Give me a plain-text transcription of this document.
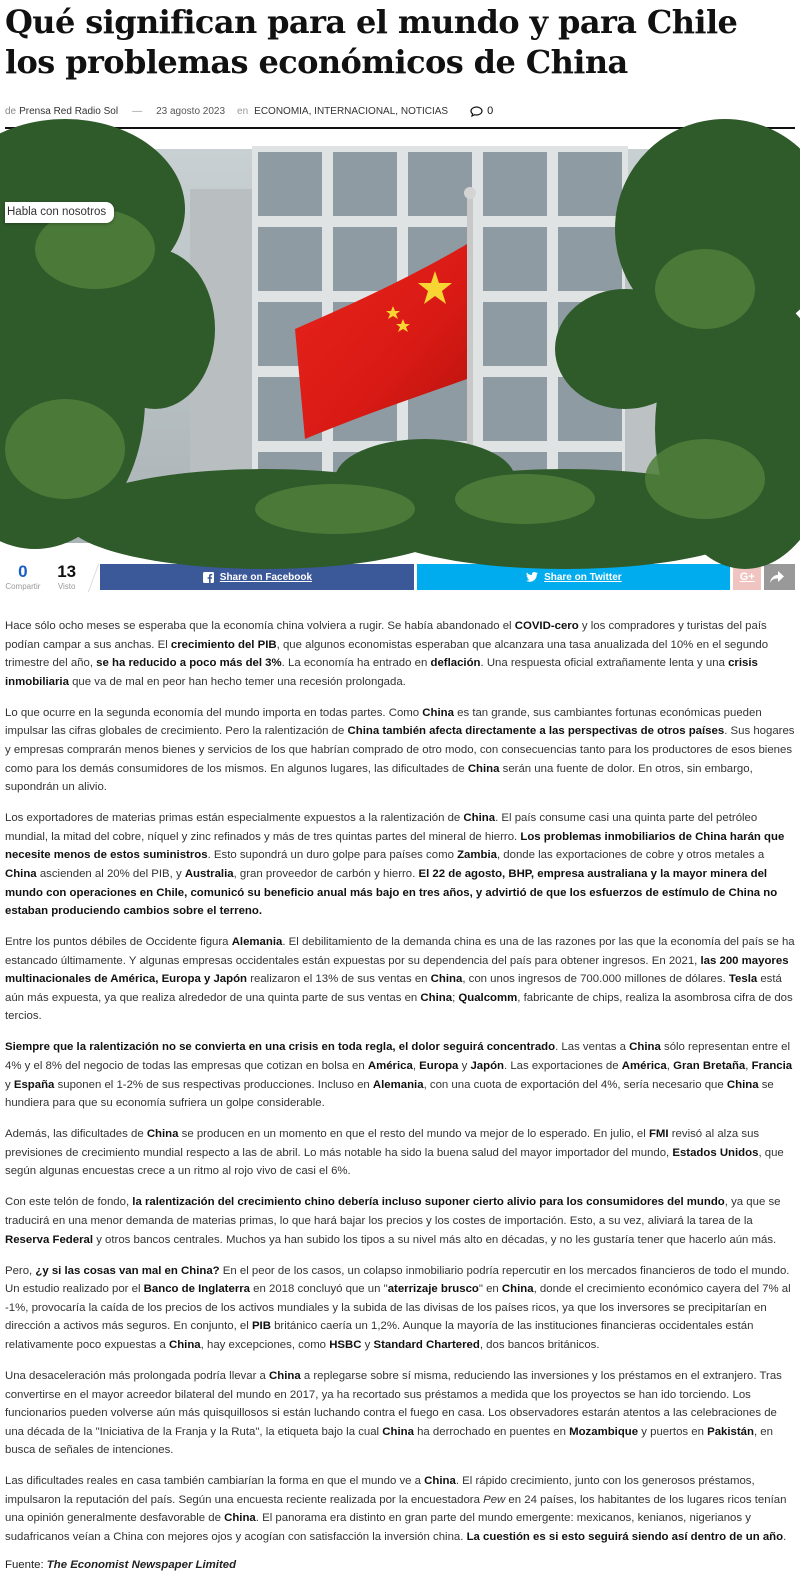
Qué significan para el mundo y para Chile los problemas económicos de China
de Prensa Red Radio Sol — 23 agosto 2023 en ECONOMIA, INTERNACIONAL, NOTICIAS	0
Habla con nosotros
0
Compartir
13
Visto
Share on Facebook	Share on Twitter	G+

Hace sólo ocho meses se esperaba que la economía china volviera a rugir. Se había abandonado el COVID-cero y los compradores y turistas del país podían campar a sus anchas. El crecimiento del PIB, que algunos economistas esperaban que alcanzara una tasa anualizada del 10% en el segundo trimestre del año, se ha reducido a poco más del 3%. La economía ha entrado en deflación. Una respuesta oficial extrañamente lenta y una crisis inmobiliaria que va de mal en peor han hecho temer una recesión prolongada.

Lo que ocurre en la segunda economía del mundo importa en todas partes. Como China es tan grande, sus cambiantes fortunas económicas pueden impulsar las cifras globales de crecimiento. Pero la ralentización de China también afecta directamente a las perspectivas de otros países. Sus hogares y empresas comprarán menos bienes y servicios de los que habrían comprado de otro modo, con consecuencias tanto para los productores de esos bienes como para los demás consumidores de los mismos. En algunos lugares, las dificultades de China serán una fuente de dolor. En otros, sin embargo, supondrán un alivio.

Los exportadores de materias primas están especialmente expuestos a la ralentización de China. El país consume casi una quinta parte del petróleo mundial, la mitad del cobre, níquel y zinc refinados y más de tres quintas partes del mineral de hierro. Los problemas inmobiliarios de China harán que necesite menos de estos suministros. Esto supondrá un duro golpe para países como Zambia, donde las exportaciones de cobre y otros metales a China ascienden al 20% del PIB, y Australia, gran proveedor de carbón y hierro. El 22 de agosto, BHP, empresa australiana y la mayor minera del mundo con operaciones en Chile, comunicó su beneficio anual más bajo en tres años, y advirtió de que los esfuerzos de estímulo de China no estaban produciendo cambios sobre el terreno.

Entre los puntos débiles de Occidente figura Alemania. El debilitamiento de la demanda china es una de las razones por las que la economía del país se ha estancado últimamente. Y algunas empresas occidentales están expuestas por su dependencia del país para obtener ingresos. En 2021, las 200 mayores multinacionales de América, Europa y Japón realizaron el 13% de sus ventas en China, con unos ingresos de 700.000 millones de dólares. Tesla está aún más expuesta, ya que realiza alrededor de una quinta parte de sus ventas en China; Qualcomm, fabricante de chips, realiza la asombrosa cifra de dos tercios.

Siempre que la ralentización no se convierta en una crisis en toda regla, el dolor seguirá concentrado. Las ventas a China sólo representan entre el 4% y el 8% del negocio de todas las empresas que cotizan en bolsa en América, Europa y Japón. Las exportaciones de América, Gran Bretaña, Francia y España suponen el 1-2% de sus respectivas producciones. Incluso en Alemania, con una cuota de exportación del 4%, sería necesario que China se hundiera para que su economía sufriera un golpe considerable.

Además, las dificultades de China se producen en un momento en que el resto del mundo va mejor de lo esperado. En julio, el FMI revisó al alza sus previsiones de crecimiento mundial respecto a las de abril. Lo más notable ha sido la buena salud del mayor importador del mundo, Estados Unidos, que según algunas encuestas crece a un ritmo al rojo vivo de casi el 6%.

Con este telón de fondo, la ralentización del crecimiento chino debería incluso suponer cierto alivio para los consumidores del mundo, ya que se traducirá en una menor demanda de materias primas, lo que hará bajar los precios y los costes de importación. Esto, a su vez, aliviará la tarea de la Reserva Federal y otros bancos centrales. Muchos ya han subido los tipos a su nivel más alto en décadas, y no les gustaría tener que hacerlo aún más.

Pero, ¿y si las cosas van mal en China? En el peor de los casos, un colapso inmobiliario podría repercutir en los mercados financieros de todo el mundo. Un estudio realizado por el Banco de Inglaterra en 2018 concluyó que un "aterrizaje brusco" en China, donde el crecimiento económico cayera del 7% al -1%, provocaría la caída de los precios de los activos mundiales y la subida de las divisas de los países ricos, ya que los inversores se precipitarían en dirección a activos más seguros. En conjunto, el PIB británico caería un 1,2%. Aunque la mayoría de las instituciones financieras occidentales están relativamente poco expuestas a China, hay excepciones, como HSBC y Standard Chartered, dos bancos británicos.

Una desaceleración más prolongada podría llevar a China a replegarse sobre sí misma, reduciendo las inversiones y los préstamos en el extranjero. Tras convertirse en el mayor acreedor bilateral del mundo en 2017, ya ha recortado sus préstamos a medida que los proyectos se han ido torciendo. Los funcionarios pueden volverse aún más quisquillosos si están luchando contra el fuego en casa. Los observadores estarán atentos a las celebraciones de una década de la "Iniciativa de la Franja y la Ruta", la etiqueta bajo la cual China ha derrochado en puentes en Mozambique y puertos en Pakistán, en busca de señales de intenciones.

Las dificultades reales en casa también cambiarían la forma en que el mundo ve a China. El rápido crecimiento, junto con los generosos préstamos, impulsaron la reputación del país. Según una encuesta reciente realizada por la encuestadora Pew en 24 países, los habitantes de los lugares ricos tenían una opinión generalmente desfavorable de China. El panorama era distinto en gran parte del mundo emergente: mexicanos, kenianos, nigerianos y sudafricanos veían a China con mejores ojos y acogían con satisfacción la inversión china. La cuestión es si esto seguirá siendo así dentro de un año.

Fuente: The Economist Newspaper Limited
